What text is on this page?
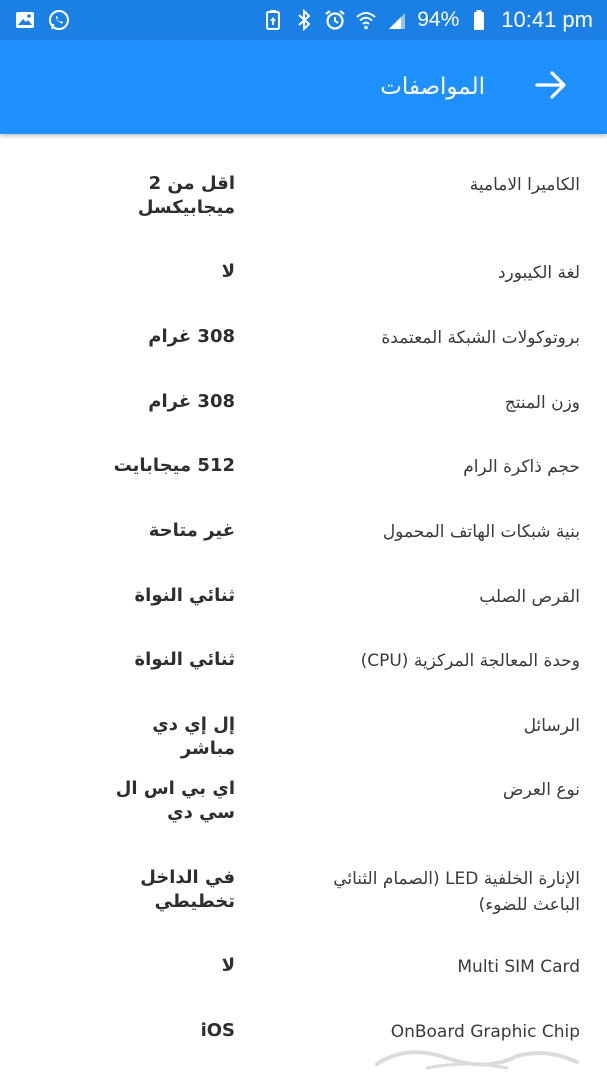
94% 10:41 pm
المواصفات
الكاميرا الامامية
اقل من 2 ميجابيكسل
لغة الكيبورد
لا
بروتوكولات الشبكة المعتمدة
308 غرام
وزن المنتج
308 غرام
حجم ذاكرة الرام
512 ميجابايت
بنية شبكات الهاتف المحمول
غير متاحة
القرص الصلب
ثنائي النواة
وحدة المعالجة المركزية (CPU)
ثنائي النواة
الرسائل
إل إي دي مباشر
نوع العرض
اي بي اس ال سي دي
الإنارة الخلفية LED (الصمام الثنائي الباعث للضوء)
في الداخل تخطيطي
Multi SIM Card
لا
OnBoard Graphic Chip
iOS
